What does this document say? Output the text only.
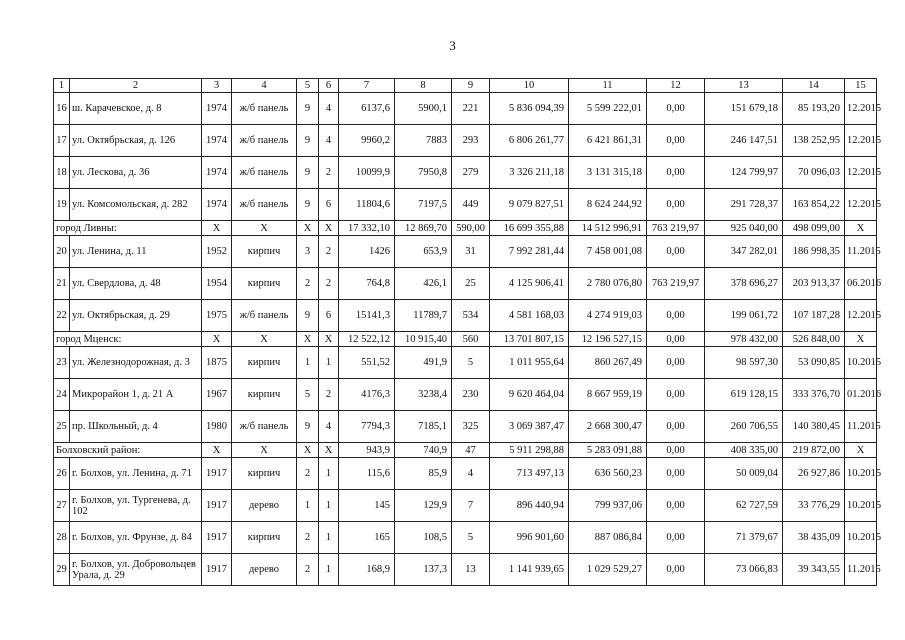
3
1	2	3	4	5	6	7	8	9	10	11	12	13	14	15
16	ш. Карачевское, д. 8	1974	ж/б панель	9	4	6137,6	5900,1	221	5 836 094,39	5 599 222,01	0,00	151 679,18	85 193,20	12.2015
17	ул. Октябрьская, д. 126	1974	ж/б панель	9	4	9960,2	7883	293	6 806 261,77	6 421 861,31	0,00	246 147,51	138 252,95	12.2015
18	ул. Лескова, д. 36	1974	ж/б панель	9	2	10099,9	7950,8	279	3 326 211,18	3 131 315,18	0,00	124 799,97	70 096,03	12.2015
19	ул. Комсомольская, д. 282	1974	ж/б панель	9	6	11804,6	7197,5	449	9 079 827,51	8 624 244,92	0,00	291 728,37	163 854,22	12.2015
город Ливны:		X	X	X	X	17 332,10	12 869,70	590,00	16 699 355,88	14 512 996,91	763 219,97	925 040,00	498 099,00	X
20	ул. Ленина, д. 11	1952	кирпич	3	2	1426	653,9	31	7 992 281,44	7 458 001,08	0,00	347 282,01	186 998,35	11.2015
21	ул. Свердлова, д. 48	1954	кирпич	2	2	764,8	426,1	25	4 125 906,41	2 780 076,80	763 219,97	378 696,27	203 913,37	06.2016
22	ул. Октябрьская, д. 29	1975	ж/б панель	9	6	15141,3	11789,7	534	4 581 168,03	4 274 919,03	0,00	199 061,72	107 187,28	12.2015
город Мценск:		X	X	X	X	12 522,12	10 915,40	560	13 701 807,15	12 196 527,15	0,00	978 432,00	526 848,00	X
23	ул. Железнодорожная, д. 3	1875	кирпич	1	1	551,52	491,9	5	1 011 955,64	860 267,49	0,00	98 597,30	53 090,85	10.2015
24	Микрорайон 1, д. 21 А	1967	кирпич	5	2	4176,3	3238,4	230	9 620 464,04	8 667 959,19	0,00	619 128,15	333 376,70	01.2016
25	пр. Школьный, д. 4	1980	ж/б панель	9	4	7794,3	7185,1	325	3 069 387,47	2 668 300,47	0,00	260 706,55	140 380,45	11.2015
Болховский район:		X	X	X	X	943,9	740,9	47	5 911 298,88	5 283 091,88	0,00	408 335,00	219 872,00	X
26	г. Болхов, ул. Ленина, д. 71	1917	кирпич	2	1	115,6	85,9	4	713 497,13	636 560,23	0,00	50 009,04	26 927,86	10.2015
27	г. Болхов, ул. Тургенева, д. 102	1917	дерево	1	1	145	129,9	7	896 440,94	799 937,06	0,00	62 727,59	33 776,29	10.2015
28	г. Болхов, ул. Фрунзе, д. 84	1917	кирпич	2	1	165	108,5	5	996 901,60	887 086,84	0,00	71 379,67	38 435,09	10.2015
29	г. Болхов, ул. Добровольцев Урала, д. 29	1917	дерево	2	1	168,9	137,3	13	1 141 939,65	1 029 529,27	0,00	73 066,83	39 343,55	11.2015
